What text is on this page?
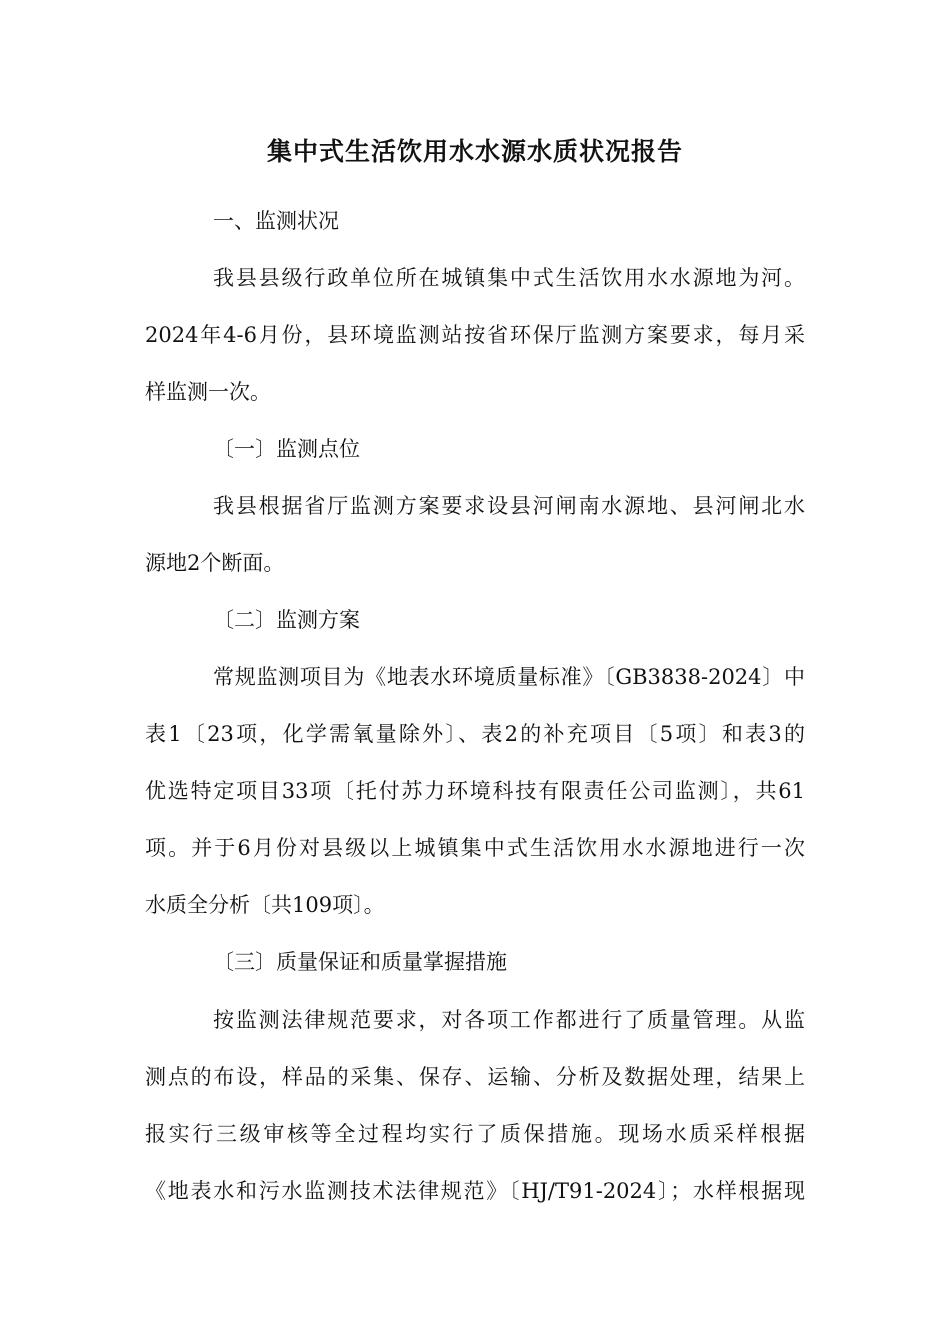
集中式生活饮用水水源水质状况报告
一、监测状况
我县县级行政单位所在城镇集中式生活饮用水水源地为河。
2024年4-6月份，县环境监测站按省环保厅监测方案要求，每月采
样监测一次。
〔一〕监测点位
我县根据省厅监测方案要求设县河闸南水源地、县河闸北水
源地2个断面。
〔二〕监测方案
常规监测项目为《地表水环境质量标准》〔GB3838-2024〕中
表1〔23项，化学需氧量除外〕、表2的补充项目〔5项〕和表3的
优选特定项目33项〔托付苏力环境科技有限责任公司监测〕，共61
项。并于6月份对县级以上城镇集中式生活饮用水水源地进行一次
水质全分析〔共109项〕。
〔三〕质量保证和质量掌握措施
按监测法律规范要求，对各项工作都进行了质量管理。从监
测点的布设，样品的采集、保存、运输、分析及数据处理，结果上
报实行三级审核等全过程均实行了质保措施。现场水质采样根据
《地表水和污水监测技术法律规范》〔HJ/T91-2024〕；水样根据现
